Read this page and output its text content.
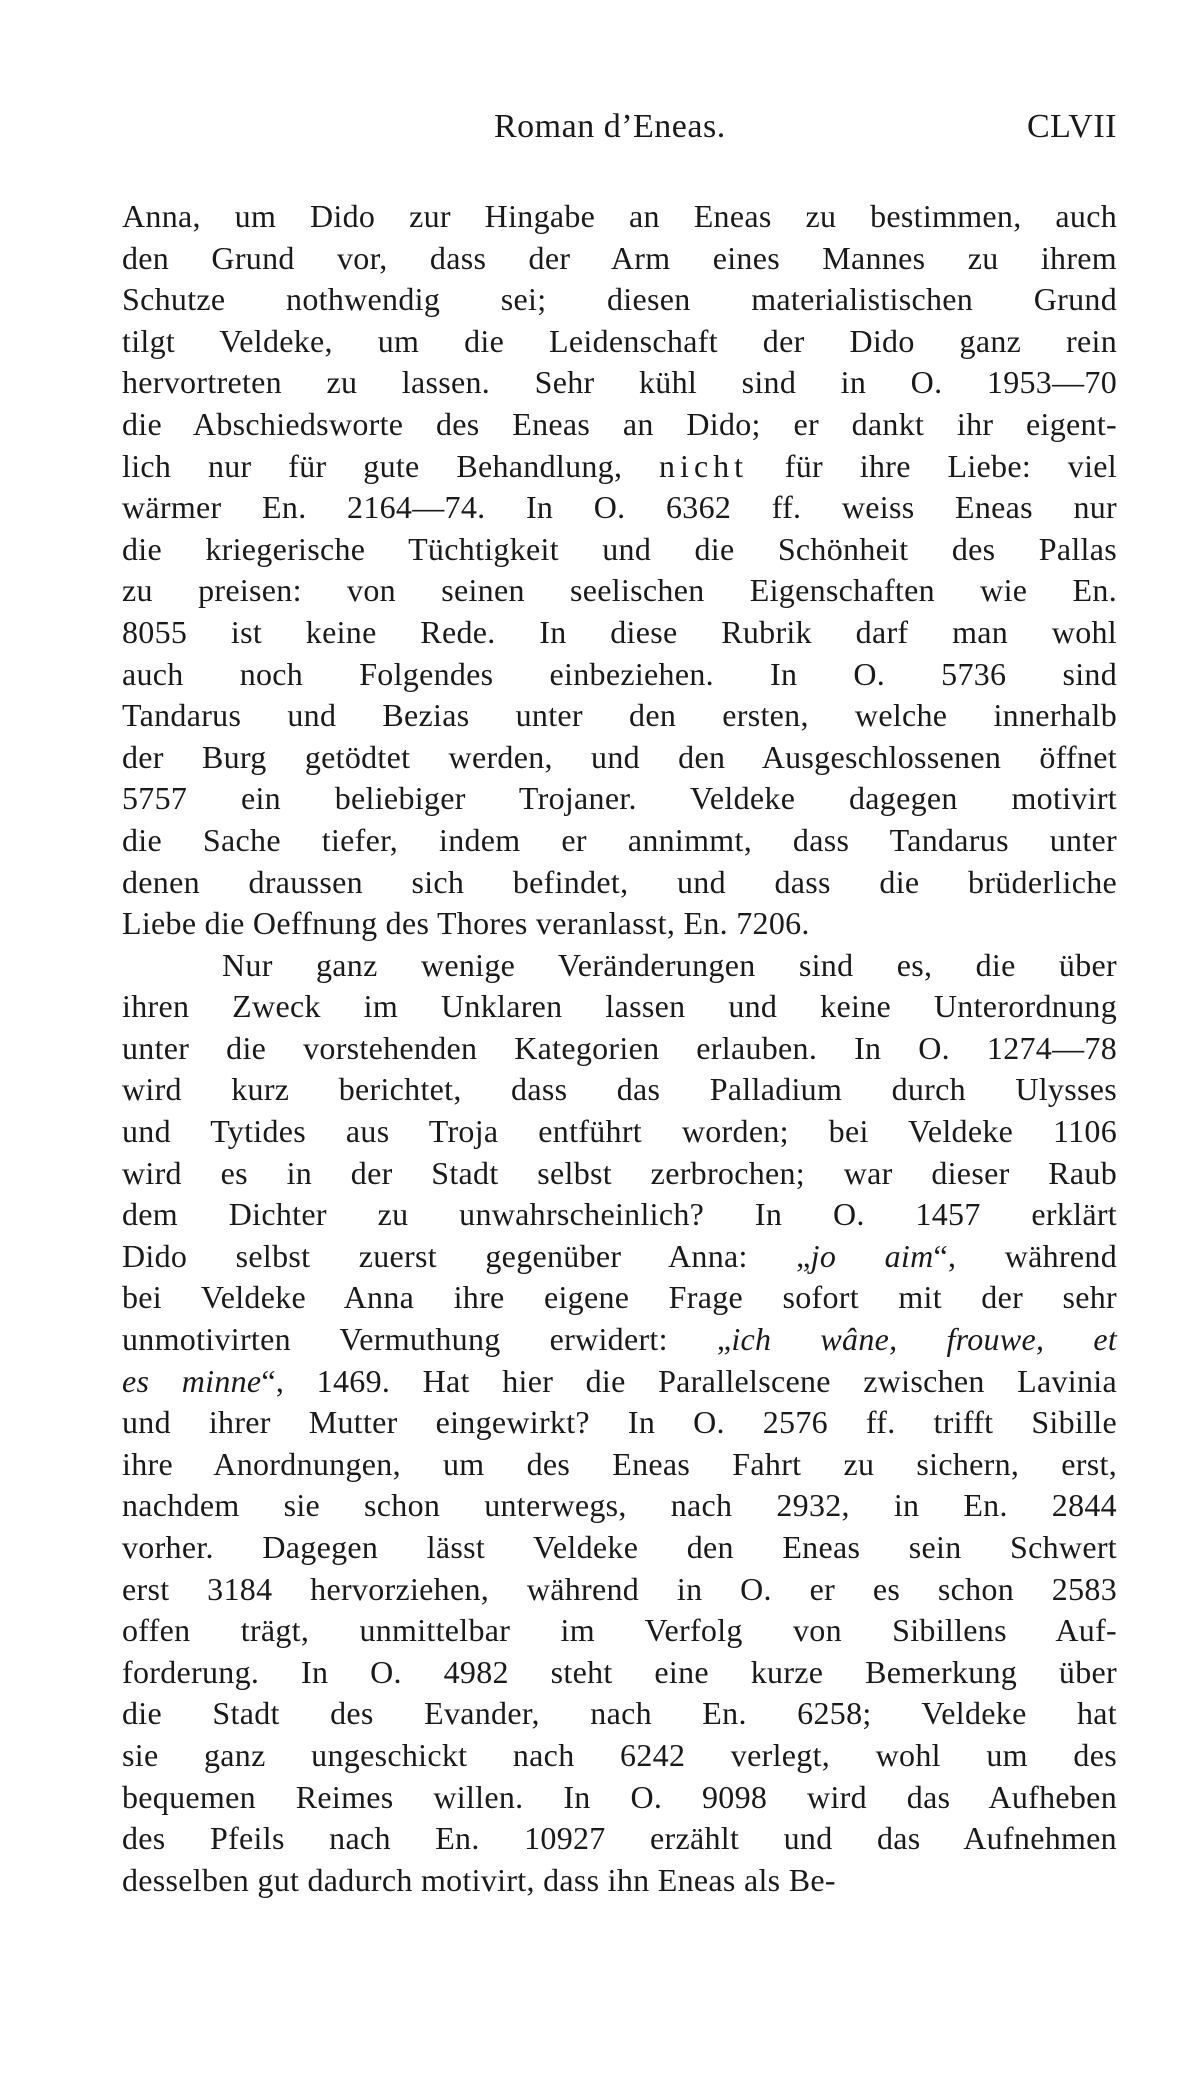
Roman d’Eneas.	CLVII
Anna, um Dido zur Hingabe an Eneas zu bestimmen, auch
den Grund vor, dass der Arm eines Mannes zu ihrem
Schutze nothwendig sei; diesen materialistischen Grund
tilgt Veldeke, um die Leidenschaft der Dido ganz rein
hervortreten zu lassen. Sehr kühl sind in O. 1953—70
die Abschiedsworte des Eneas an Dido; er dankt ihr eigent-
lich nur für gute Behandlung, nicht für ihre Liebe: viel
wärmer En. 2164—74. In O. 6362 ff. weiss Eneas nur
die kriegerische Tüchtigkeit und die Schönheit des Pallas
zu preisen: von seinen seelischen Eigenschaften wie En.
8055 ist keine Rede. In diese Rubrik darf man wohl
auch noch Folgendes einbeziehen. In O. 5736 sind
Tandarus und Bezias unter den ersten, welche innerhalb
der Burg getödtet werden, und den Ausgeschlossenen öffnet
5757 ein beliebiger Trojaner. Veldeke dagegen motivirt
die Sache tiefer, indem er annimmt, dass Tandarus unter
denen draussen sich befindet, und dass die brüderliche
Liebe die Oeffnung des Thores veranlasst, En. 7206.
Nur ganz wenige Veränderungen sind es, die über
ihren Zweck im Unklaren lassen und keine Unterordnung
unter die vorstehenden Kategorien erlauben. In O. 1274—78
wird kurz berichtet, dass das Palladium durch Ulysses
und Tytides aus Troja entführt worden; bei Veldeke 1106
wird es in der Stadt selbst zerbrochen; war dieser Raub
dem Dichter zu unwahrscheinlich? In O. 1457 erklärt
Dido selbst zuerst gegenüber Anna: „jo aim“, während
bei Veldeke Anna ihre eigene Frage sofort mit der sehr
unmotivirten Vermuthung erwidert: „ich wâne, frouwe, et
es minne“, 1469. Hat hier die Parallelscene zwischen Lavinia
und ihrer Mutter eingewirkt? In O. 2576 ff. trifft Sibille
ihre Anordnungen, um des Eneas Fahrt zu sichern, erst,
nachdem sie schon unterwegs, nach 2932, in En. 2844
vorher. Dagegen lässt Veldeke den Eneas sein Schwert
erst 3184 hervorziehen, während in O. er es schon 2583
offen trägt, unmittelbar im Verfolg von Sibillens Auf-
forderung. In O. 4982 steht eine kurze Bemerkung über
die Stadt des Evander, nach En. 6258; Veldeke hat
sie ganz ungeschickt nach 6242 verlegt, wohl um des
bequemen Reimes willen. In O. 9098 wird das Aufheben
des Pfeils nach En. 10927 erzählt und das Aufnehmen
desselben gut dadurch motivirt, dass ihn Eneas als Be-
